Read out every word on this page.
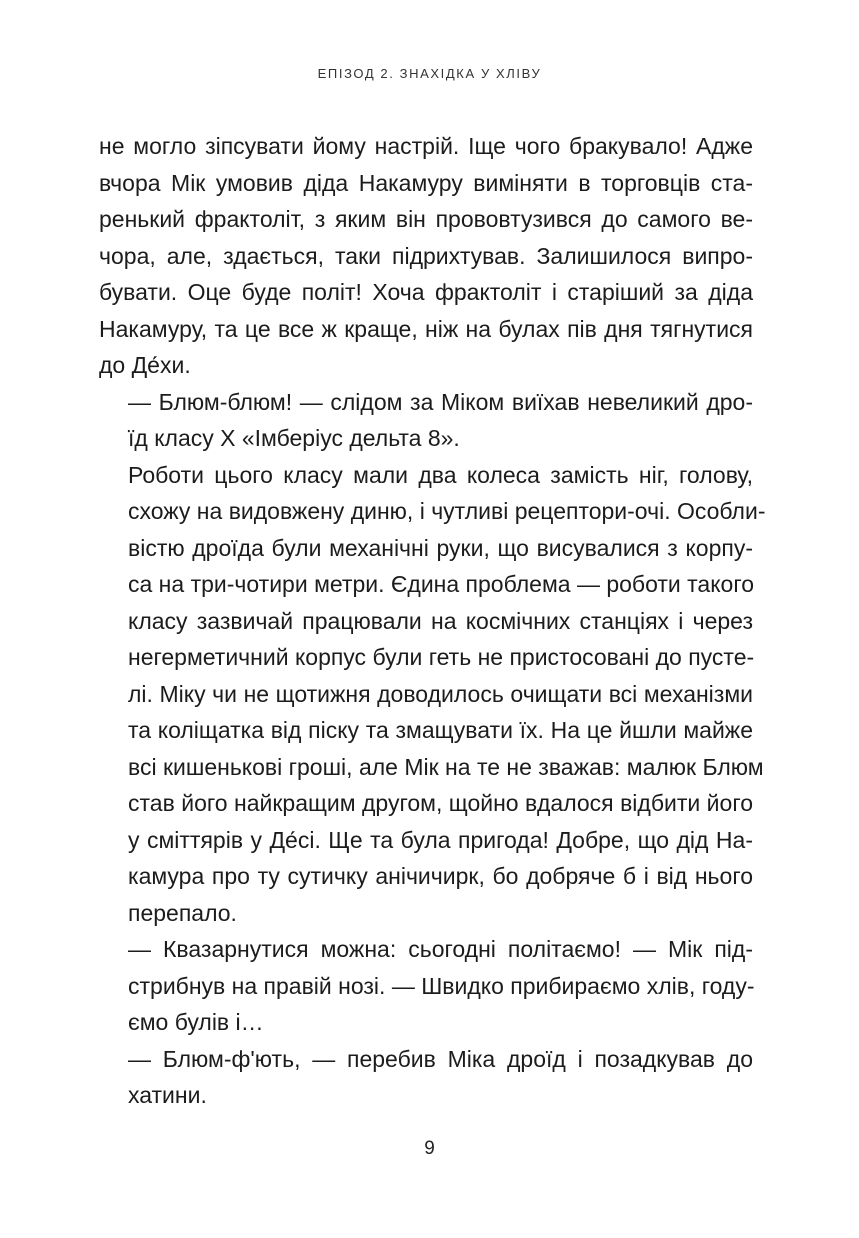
ЕПІЗОД 2. ЗНАХІДКА У ХЛІВУ

не могло зіпсувати йому настрій. Іще чого бракувало! Адже
вчора Мік умовив діда Накамуру виміняти в торговців ста-
ренький фрактоліт, з яким він прововтузився до самого ве-
чора, але, здається, таки підрихтував. Залишилося випро-
бувати. Оце буде політ! Хоча фрактоліт і старіший за діда
Накамуру, та це все ж краще, ніж на булах пів дня тягнутися
до Де́хи.

— Блюм-блюм! — слідом за Міком виїхав невеликий дро-
їд класу Х «Імберіус дельта 8».

Роботи цього класу мали два колеса замість ніг, голову,
схожу на видовжену диню, і чутливі рецептори-очі. Особли-
вістю дроїда були механічні руки, що висувалися з корпу-
са на три-чотири метри. Єдина проблема — роботи такого
класу зазвичай працювали на космічних станціях і через
негерметичний корпус були геть не пристосовані до пусте-
лі. Міку чи не щотижня доводилось очищати всі механізми
та коліщатка від піску та змащувати їх. На це йшли майже
всі кишенькові гроші, але Мік на те не зважав: малюк Блюм
став його найкращим другом, щойно вдалося відбити його
у сміттярів у Де́сі. Ще та була пригода! Добре, що дід На-
камура про ту сутичку анічичирк, бо добряче б і від нього
перепало.

— Квазарнутися можна: сьогодні політаємо! — Мік під-
стрибнув на правій нозі. — Швидко прибираємо хлів, году-
ємо булів і…

— Блюм-ф'ють, — перебив Міка дроїд і позадкував до
хатини.

9
